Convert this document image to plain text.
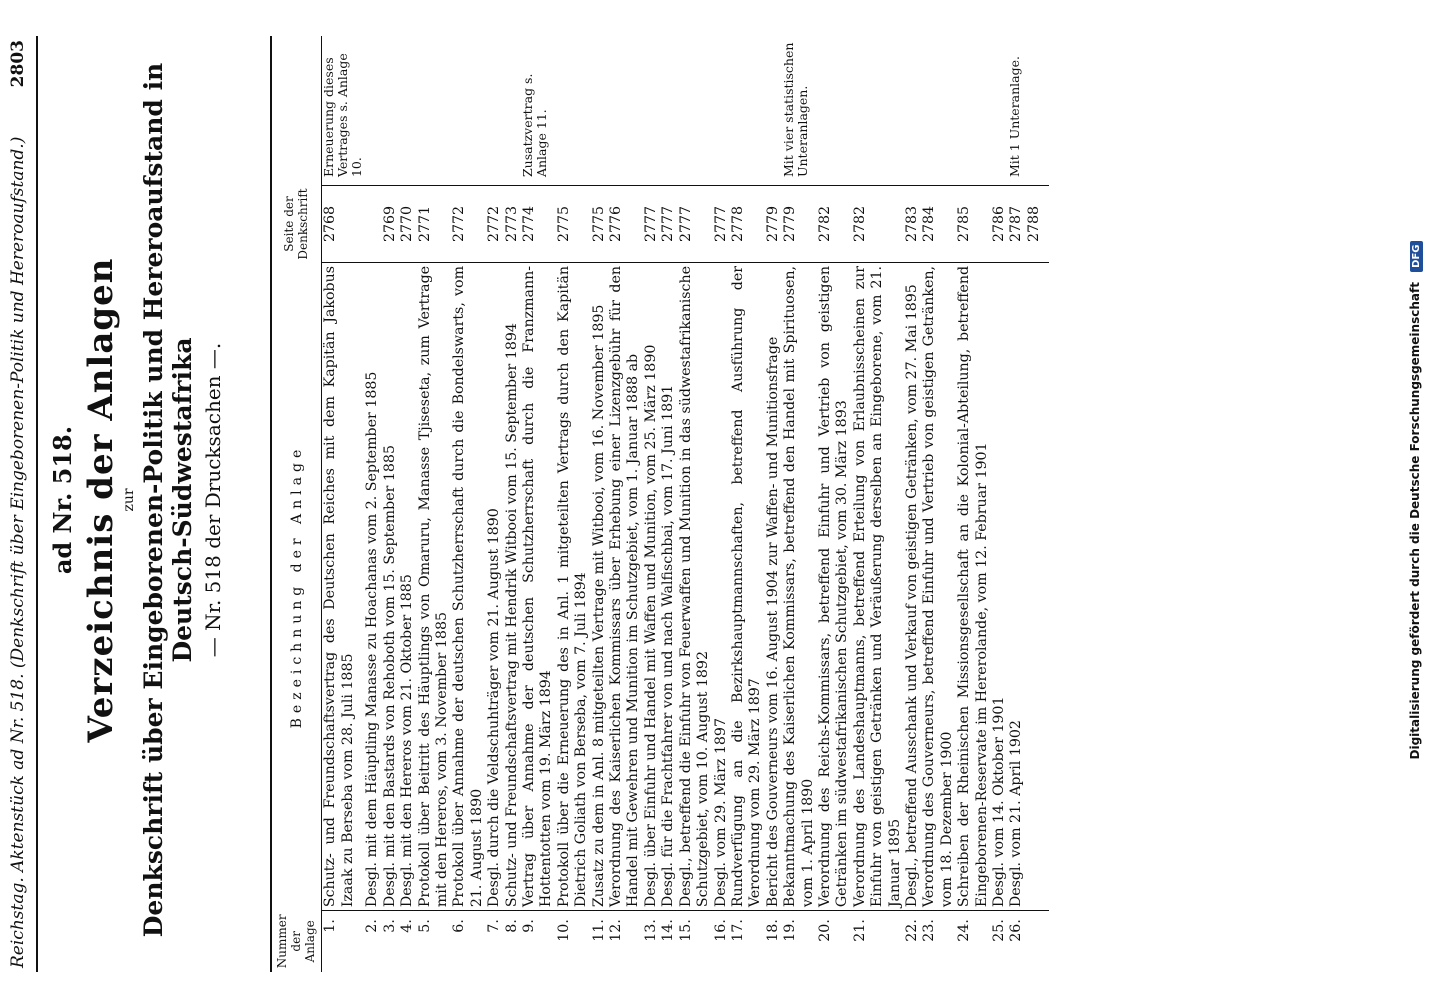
Reichstag. Aktenstück ad Nr. 518. (Denkschrift über Eingeborenen-Politik und Hereroaufstand.)
2803
ad Nr. 518. Verzeichnis der Anlagen zur Denkschrift über Eingeborenen-Politik und Hereroaufstand in Deutsch-Südwestafrika — Nr. 518 der Drucksachen —.
Nummer der Anlage	Bezeichnung der Anlage	Seite der Denkschrift	
1.	Schutz- und Freundschaftsvertrag des Deutschen Reiches mit dem Kapitän Jakobus Izaak zu Berseba vom 28. Juli 1885	2768	Erneuerung dieses Vertrages s. Anlage 10.
2.	Desgl. mit dem Häuptling Manasse zu Hoachanas vom 2. September 1885		
3.	Desgl. mit den Bastards von Rehoboth vom 15. September 1885	2769	
4.	Desgl. mit den Hereros vom 21. Oktober 1885	2770	
5.	Protokoll über Beitritt des Häuptlings von Omaruru, Manasse Tjiseseta, zum Vertrage mit den Hereros, vom 3. November 1885	2771	
6.	Protokoll über Annahme der deutschen Schutzherrschaft durch die Bondelswarts, vom 21. August 1890	2772	
7.	Desgl. durch die Veldschuhträger vom 21. August 1890	2772	
8.	Schutz- und Freundschaftsvertrag mit Hendrik Witbooi vom 15. September 1894	2773	
9.	Vertrag über Annahme der deutschen Schutzherrschaft durch die Franzmann-Hottentotten vom 19. März 1894	2774	Zusatzvertrag s. Anlage 11.
10.	Protokoll über die Erneuerung des in Anl. 1 mitgeteilten Vertrags durch den Kapitän Dietrich Goliath von Berseba, vom 7. Juli 1894	2775	
11.	Zusatz zu dem in Anl. 8 mitgeteilten Vertrage mit Witbooi, vom 16. November 1895	2775	
12.	Verordnung des Kaiserlichen Kommissars über Erhebung einer Lizenzgebühr für den Handel mit Gewehren und Munition im Schutzgebiet, vom 1. Januar 1888 ab	2776	
13.	Desgl. über Einfuhr und Handel mit Waffen und Munition, vom 25. März 1890	2777	
14.	Desgl. für die Frachtfahrer von und nach Walfischbai, vom 17. Juni 1891	2777	
15.	Desgl., betreffend die Einfuhr von Feuerwaffen und Munition in das südwestafrikanische Schutzgebiet, vom 10. August 1892	2777	
16.	Desgl. vom 29. März 1897	2777	
17.	Rundverfügung an die Bezirkshauptmannschaften, betreffend Ausführung der Verordnung vom 29. März 1897	2778	
18.	Bericht des Gouverneurs vom 16. August 1904 zur Waffen- und Munitionsfrage	2779	
19.	Bekanntmachung des Kaiserlichen Kommissars, betreffend den Handel mit Spirituosen, vom 1. April 1890	2779	Mit vier statistischen Unteranlagen.
20.	Verordnung des Reichs-Kommissars, betreffend Einfuhr und Vertrieb von geistigen Getränken im südwestafrikanischen Schutzgebiet, vom 30. März 1893	2782	
21.	Verordnung des Landeshauptmanns, betreffend Erteilung von Erlaubnisscheinen zur Einfuhr von geistigen Getränken und Veräußerung derselben an Eingeborene, vom 21. Januar 1895	2782	
22.	Desgl., betreffend Ausschank und Verkauf von geistigen Getränken, vom 27. Mai 1895	2783	
23.	Verordnung des Gouverneurs, betreffend Einfuhr und Vertrieb von geistigen Getränken, vom 18. Dezember 1900	2784	
24.	Schreiben der Rheinischen Missionsgesellschaft an die Kolonial-Abteilung, betreffend Eingeborenen-Reservate im Hererolande, vom 12. Februar 1901	2785	
25.	Desgl. vom 14. Oktober 1901	2786	
26.	Desgl. vom 21. April 1902	2787	Mit 1 Unteranlage.
		2788	
Digitalisierung gefördert durch die Deutsche Forschungsgemeinschaft DFG
